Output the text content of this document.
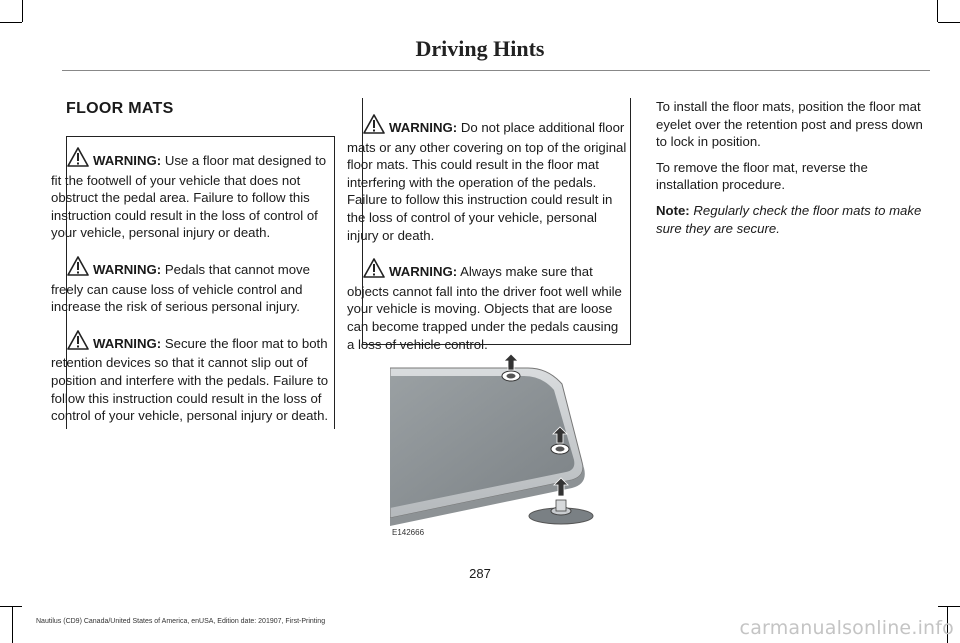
Driving Hints
FLOOR MATS

WARNING: Use a floor mat designed to fit the footwell of your vehicle that does not obstruct the pedal area. Failure to follow this instruction could result in the loss of control of your vehicle, personal injury or death.

WARNING: Pedals that cannot move freely can cause loss of vehicle control and increase the risk of serious personal injury.

WARNING: Secure the floor mat to both retention devices so that it cannot slip out of position and interfere with the pedals. Failure to follow this instruction could result in the loss of control of your vehicle, personal injury or death.

WARNING: Do not place additional floor mats or any other covering on top of the original floor mats. This could result in the floor mat interfering with the operation of the pedals. Failure to follow this instruction could result in the loss of control of your vehicle, personal injury or death.

WARNING: Always make sure that objects cannot fall into the driver foot well while your vehicle is moving. Objects that are loose can become trapped under the pedals causing a loss of vehicle control.

E142666

To install the floor mats, position the floor mat eyelet over the retention post and press down to lock in position.

To remove the floor mat, reverse the installation procedure.

Note: Regularly check the floor mats to make sure they are secure.

287
Nautilus (CD9) Canada/United States of America, enUSA, Edition date: 201907, First-Printing	carmanualsonline.info
